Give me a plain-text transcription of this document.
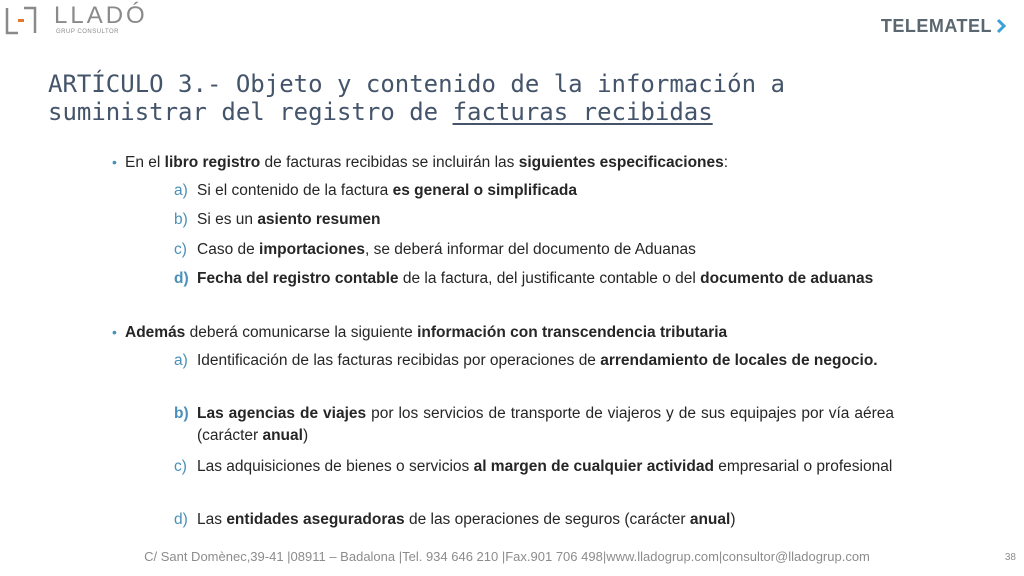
LLADÓ
GRUP CONSULTOR	TELEMATEL
ARTÍCULO 3.- Objeto y contenido de la información a suministrar del registro de facturas recibidas
• En el libro registro de facturas recibidas se incluirán las siguientes especificaciones:
a) Si el contenido de la factura es general o simplificada
b) Si es un asiento resumen
c) Caso de importaciones, se deberá informar del documento de Aduanas
d) Fecha del registro contable de la factura, del justificante contable o del documento de aduanas
• Además deberá comunicarse la siguiente información con transcendencia tributaria
a) Identificación de las facturas recibidas por operaciones de arrendamiento de locales de negocio.
b) Las agencias de viajes por los servicios de transporte de viajeros y de sus equipajes por vía aérea (carácter anual)
c) Las adquisiciones de bienes o servicios al margen de cualquier actividad empresarial o profesional
d) Las entidades aseguradoras de las operaciones de seguros (carácter anual)
C/ Sant Domènec,39-41 |08911 – Badalona |Tel. 934 646 210 |Fax.901 706 498|www.lladogrup.com|consultor@lladogrup.com	38
